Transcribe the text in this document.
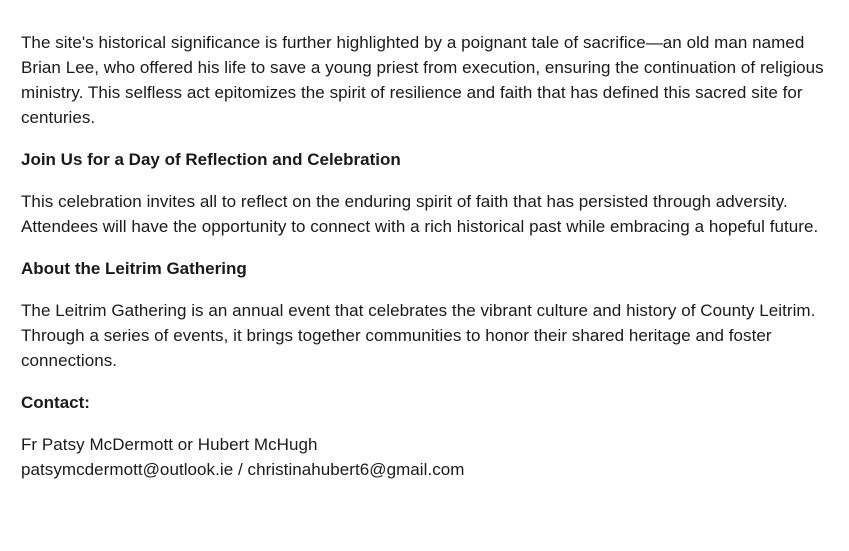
The site's historical significance is further highlighted by a poignant tale of sacrifice—an old man named Brian Lee, who offered his life to save a young priest from execution, ensuring the continuation of religious ministry. This selfless act epitomizes the spirit of resilience and faith that has defined this sacred site for centuries.

Join Us for a Day of Reflection and Celebration

This celebration invites all to reflect on the enduring spirit of faith that has persisted through adversity. Attendees will have the opportunity to connect with a rich historical past while embracing a hopeful future.

About the Leitrim Gathering

The Leitrim Gathering is an annual event that celebrates the vibrant culture and history of County Leitrim. Through a series of events, it brings together communities to honor their shared heritage and foster connections.

Contact:

Fr Patsy McDermott or Hubert McHugh

patsymcdermott@outlook.ie / christinahubert6@gmail.com
